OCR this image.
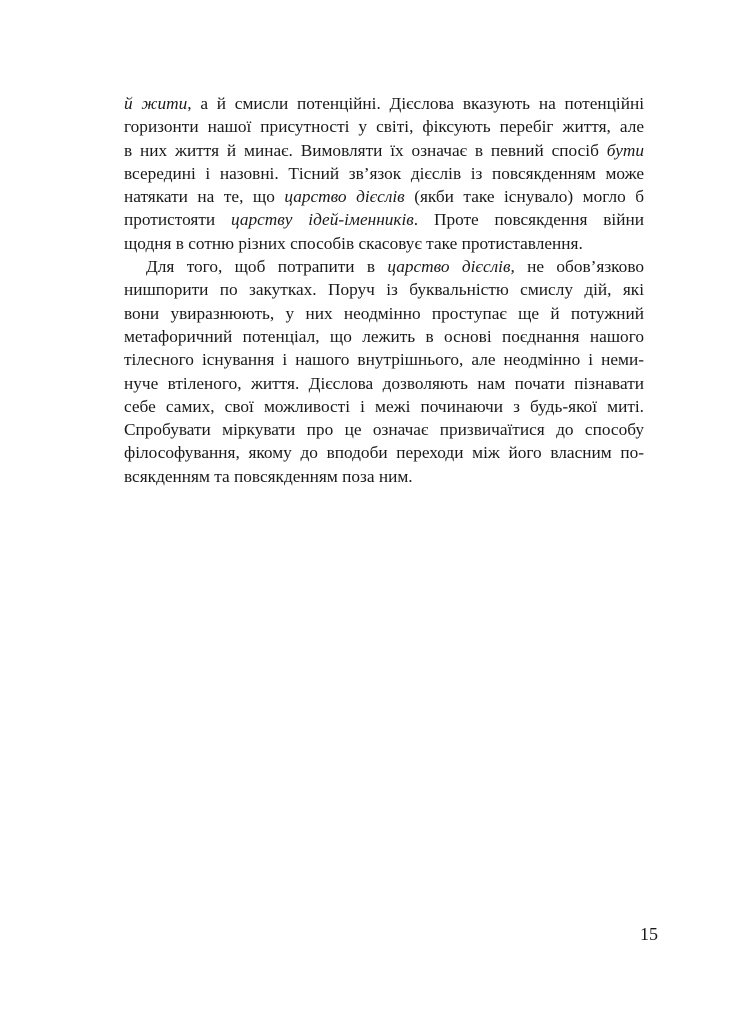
й жити, а й смисли потенційні. Дієслова вказують на потенційні
горизонти нашої присутності у світі, фіксують перебіг життя, але
в них життя й минає. Вимовляти їх означає в певний спосіб бути
всередині і назовні. Тісний зв’язок дієслів із повсякденням може
натякати на те, що царство дієслів (якби таке існувало) могло б
протистояти царству ідей-іменників. Проте повсякдення війни
щодня в сотню різних способів скасовує таке протиставлення.
Для того, щоб потрапити в царство дієслів, не обов’язково
нишпорити по закутках. Поруч із буквальністю смислу дій, які
вони увиразнюють, у них неодмінно проступає ще й потужний
метафоричний потенціал, що лежить в основі поєднання нашого
тілесного існування і нашого внутрішнього, але неодмінно і неми-
нуче втіленого, життя. Дієслова дозволяють нам почати пізнавати
себе самих, свої можливості і межі починаючи з будь-якої миті.
Спробувати міркувати про це означає призвичаїтися до способу
філософування, якому до вподоби переходи між його власним по-
всякденням та повсякденням поза ним.
15
